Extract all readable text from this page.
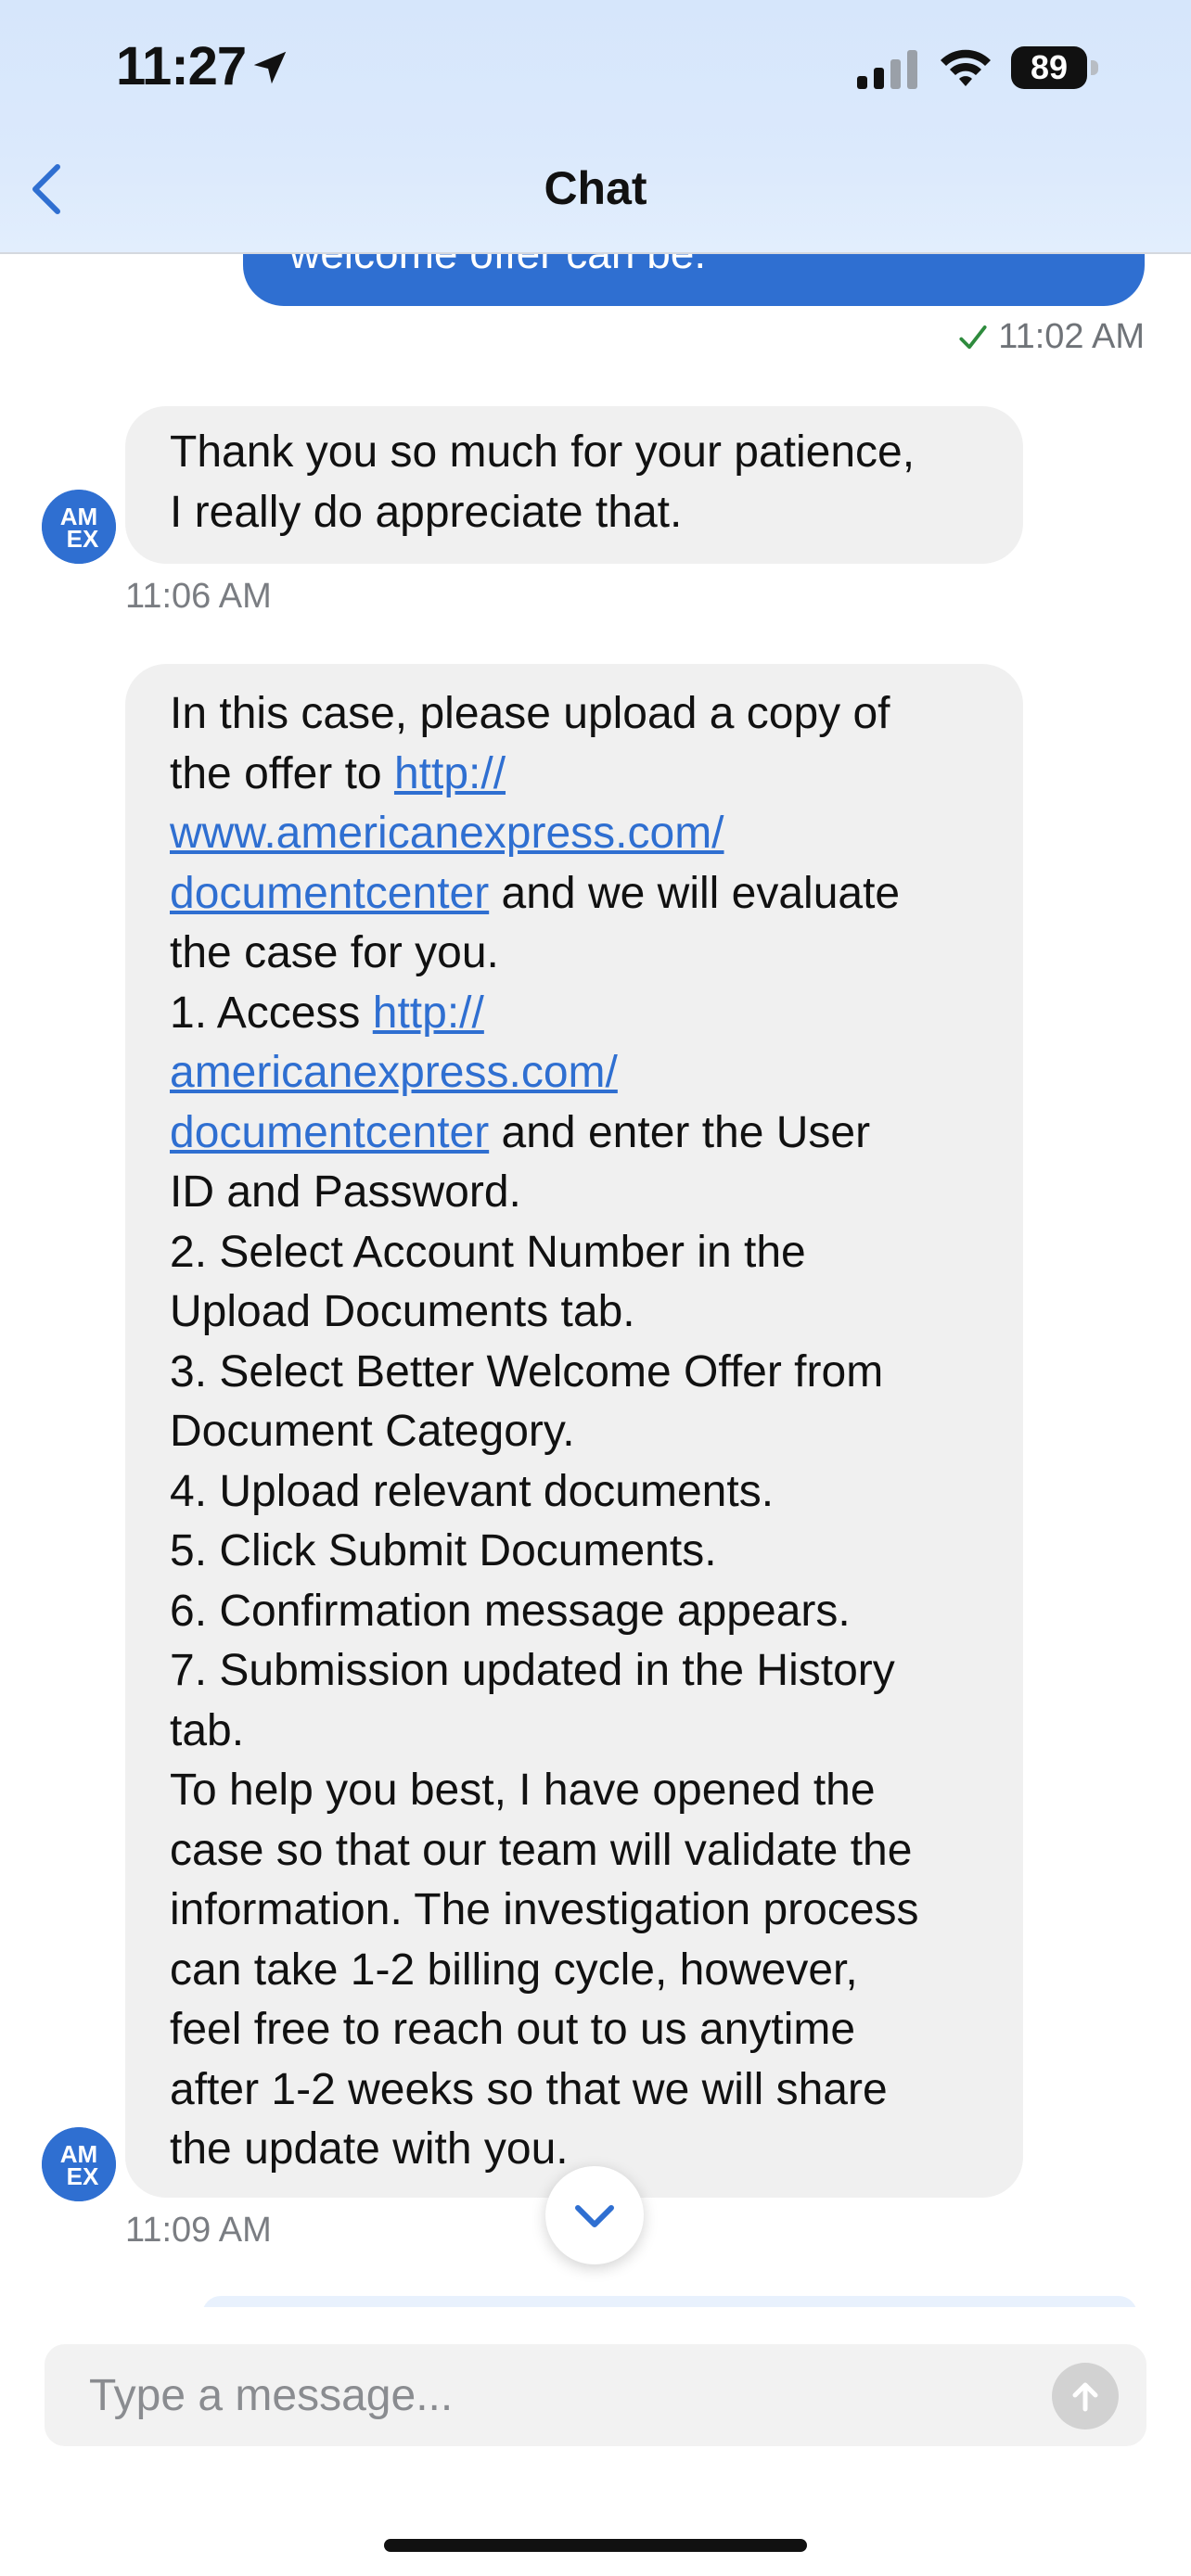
11:27	89
Chat
11:02 AM
Thank you so much for your patience,
I really do appreciate that.
AM
EX
11:06 AM
In this case, please upload a copy of
the offer to http://
www.americanexpress.com/
documentcenter and we will evaluate
the case for you.
1. Access http://
americanexpress.com/
documentcenter and enter the User
ID and Password.
2. Select Account Number in the
Upload Documents tab.
3. Select Better Welcome Offer from
Document Category.
4. Upload relevant documents.
5. Click Submit Documents.
6. Confirmation message appears.
7. Submission updated in the History
tab.
To help you best, I have opened the
case so that our team will validate the
information. The investigation process
can take 1-2 billing cycle, however,
feel free to reach out to us anytime
after 1-2 weeks so that we will share
the update with you.
AM
EX
11:09 AM
Type a message...
